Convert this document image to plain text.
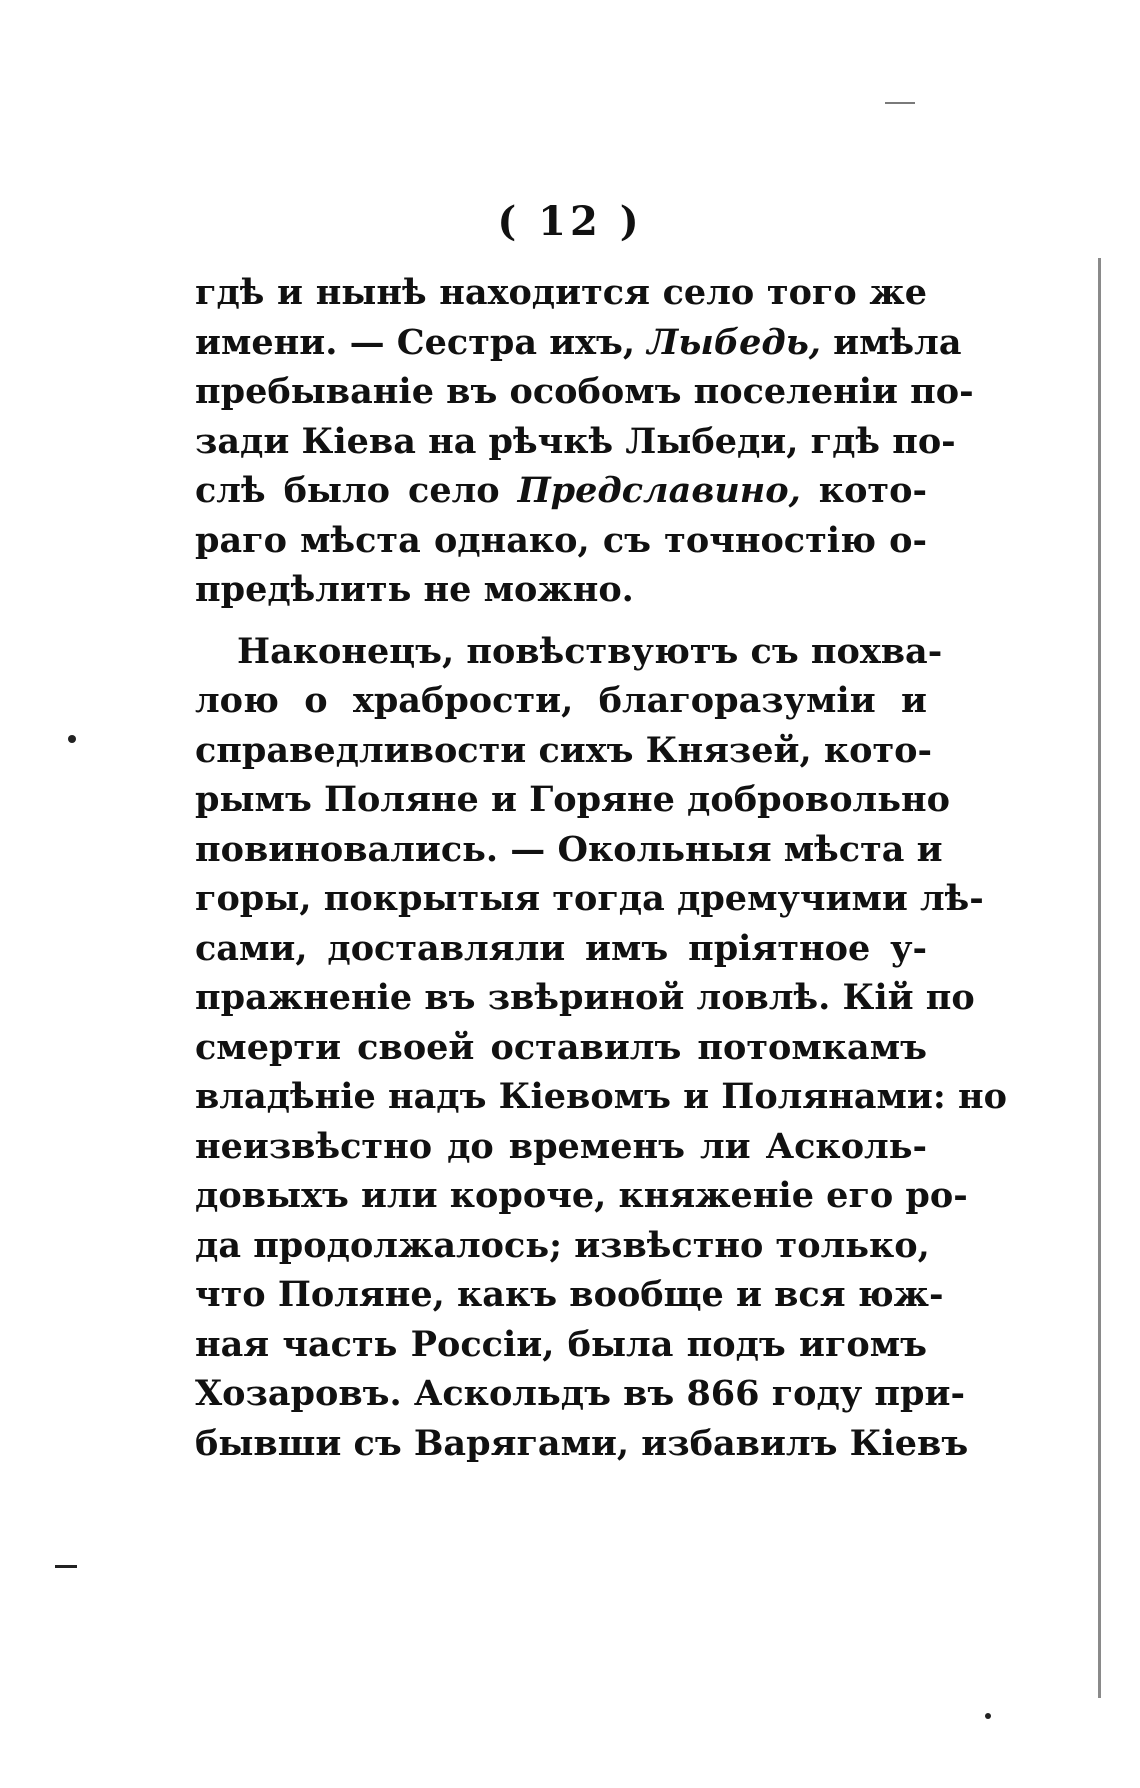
( 12 )
гдѣ и нынѣ находится село того же
имени. — Сестра ихъ, Лыбедь, имѣла
пребываніе въ особомъ поселеніи по-
зади Кіева на рѣчкѣ Лыбеди, гдѣ по-
слѣ было село Предславино, кото-
раго мѣста однако, съ точностію о-
предѣлить не можно.
Наконецъ, повѣствуютъ съ похва-
лою о храбрости, благоразуміи и
справедливости сихъ Князей, кото-
рымъ Поляне и Горяне добровольно
повиновались. — Окольныя мѣста и
горы, покрытыя тогда дремучими лѣ-
сами, доставляли имъ пріятное у-
пражненіе въ звѣриной ловлѣ. Кій по
смерти своей оставилъ потомкамъ
владѣніе надъ Кіевомъ и Полянами: но
неизвѣстно до временъ ли Асколь-
довыхъ или короче, княженіе его ро-
да продолжалось; извѣстно только,
что Поляне, какъ вообще и вся юж-
ная часть Россіи, была подъ игомъ
Хозаровъ. Аскольдъ въ 866 году при-
бывши съ Варягами, избавилъ Кіевъ
